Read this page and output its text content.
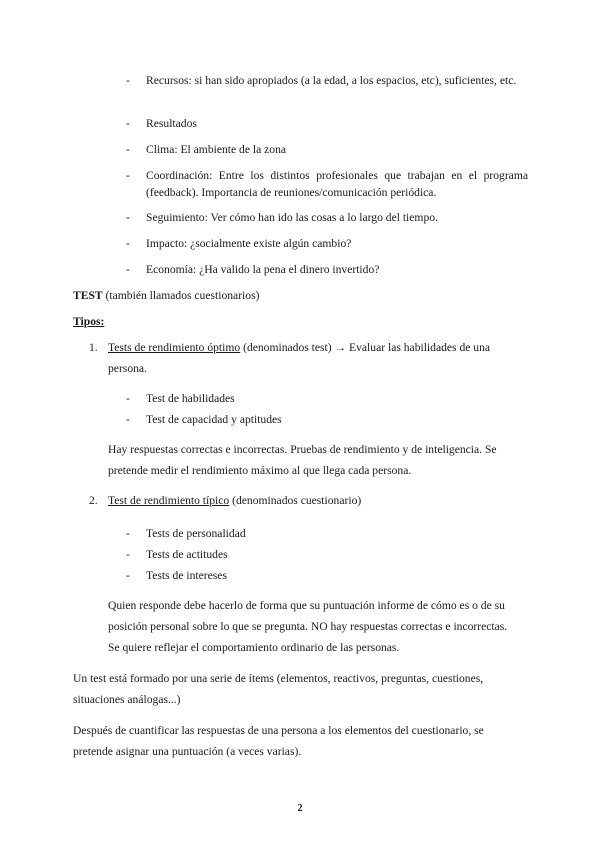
-	Recursos: si han sido apropiados (a la edad, a los espacios, etc), suficientes, etc.
-	Resultados
-	Clima: El ambiente de la zona
-	Coordinación: Entre los distintos profesionales que trabajan en el programa (feedback). Importancia de reuniones/comunicación periódica.
-	Seguimiento: Ver cómo han ido las cosas a lo largo del tiempo.
-	Impacto: ¿socialmente existe algún cambio?
-	Economía: ¿Ha valido la pena el dinero invertido?
TEST (también llamados cuestionarios)
Tipos:
1. Tests de rendimiento óptimo (denominados test) → Evaluar las habilidades de una
persona.
- Test de habilidades
- Test de capacidad y aptitudes
Hay respuestas correctas e incorrectas. Pruebas de rendimiento y de inteligencia. Se
pretende medir el rendimiento máximo al que llega cada persona.
2. Test de rendimiento típico (denominados cuestionario)
- Tests de personalidad
- Tests de actitudes
- Tests de intereses
Quien responde debe hacerlo de forma que su puntuación informe de cómo es o de su
posición personal sobre lo que se pregunta. NO hay respuestas correctas e incorrectas.
Se quiere reflejar el comportamiento ordinario de las personas.
Un test está formado por una serie de ítems (elementos, reactivos, preguntas, cuestiones,
situaciones análogas...)
Después de cuantificar las respuestas de una persona a los elementos del cuestionario, se
pretende asignar una puntuación (a veces varias).
2
